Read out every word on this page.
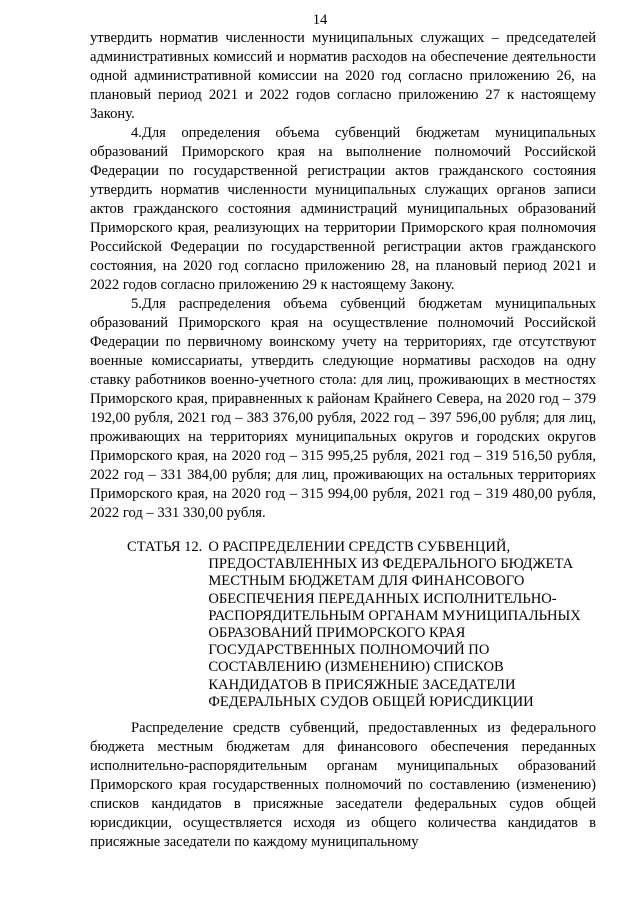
14

утвердить норматив численности муниципальных служащих – председателей административных комиссий и норматив расходов на обеспечение деятельности одной административной комиссии на 2020 год согласно приложению 26, на плановый период 2021 и 2022 годов согласно приложению 27 к настоящему Закону.

4.Для определения объема субвенций бюджетам муниципальных образований Приморского края на выполнение полномочий Российской Федерации по государственной регистрации актов гражданского состояния утвердить норматив численности муниципальных служащих органов записи актов гражданского состояния администраций муниципальных образований Приморского края, реализующих на территории Приморского края полномочия Российской Федерации по государственной регистрации актов гражданского состояния, на 2020 год согласно приложению 28, на плановый период 2021 и 2022 годов согласно приложению 29 к настоящему Закону.

5.Для распределения объема субвенций бюджетам муниципальных образований Приморского края на осуществление полномочий Российской Федерации по первичному воинскому учету на территориях, где отсутствуют военные комиссариаты, утвердить следующие нормативы расходов на одну ставку работников военно-учетного стола: для лиц, проживающих в местностях Приморского края, приравненных к районам Крайнего Севера, на 2020 год – 379 192,00 рубля, 2021 год – 383 376,00 рубля, 2022 год – 397 596,00 рубля; для лиц, проживающих на территориях муниципальных округов и городских округов Приморского края, на 2020 год – 315 995,25 рубля, 2021 год – 319 516,50 рубля, 2022 год – 331 384,00 рубля; для лиц, проживающих на остальных территориях Приморского края, на 2020 год – 315 994,00 рубля, 2021 год – 319 480,00 рубля, 2022 год – 331 330,00 рубля.

СТАТЬЯ 12. О РАСПРЕДЕЛЕНИИ СРЕДСТВ СУБВЕНЦИЙ, ПРЕДОСТАВЛЕННЫХ ИЗ ФЕДЕРАЛЬНОГО БЮДЖЕТА МЕСТНЫМ БЮДЖЕТАМ ДЛЯ ФИНАНСОВОГО ОБЕСПЕЧЕНИЯ ПЕРЕДАННЫХ ИСПОЛНИТЕЛЬНО-РАСПОРЯДИТЕЛЬНЫМ ОРГАНАМ МУНИЦИПАЛЬНЫХ ОБРАЗОВАНИЙ ПРИМОРСКОГО КРАЯ ГОСУДАРСТВЕННЫХ ПОЛНОМОЧИЙ ПО СОСТАВЛЕНИЮ (ИЗМЕНЕНИЮ) СПИСКОВ КАНДИДАТОВ В ПРИСЯЖНЫЕ ЗАСЕДАТЕЛИ ФЕДЕРАЛЬНЫХ СУДОВ ОБЩЕЙ ЮРИСДИКЦИИ

Распределение средств субвенций, предоставленных из федерального бюджета местным бюджетам для финансового обеспечения переданных исполнительно-распорядительным органам муниципальных образований Приморского края государственных полномочий по составлению (изменению) списков кандидатов в присяжные заседатели федеральных судов общей юрисдикции, осуществляется исходя из общего количества кандидатов в присяжные заседатели по каждому муниципальному
